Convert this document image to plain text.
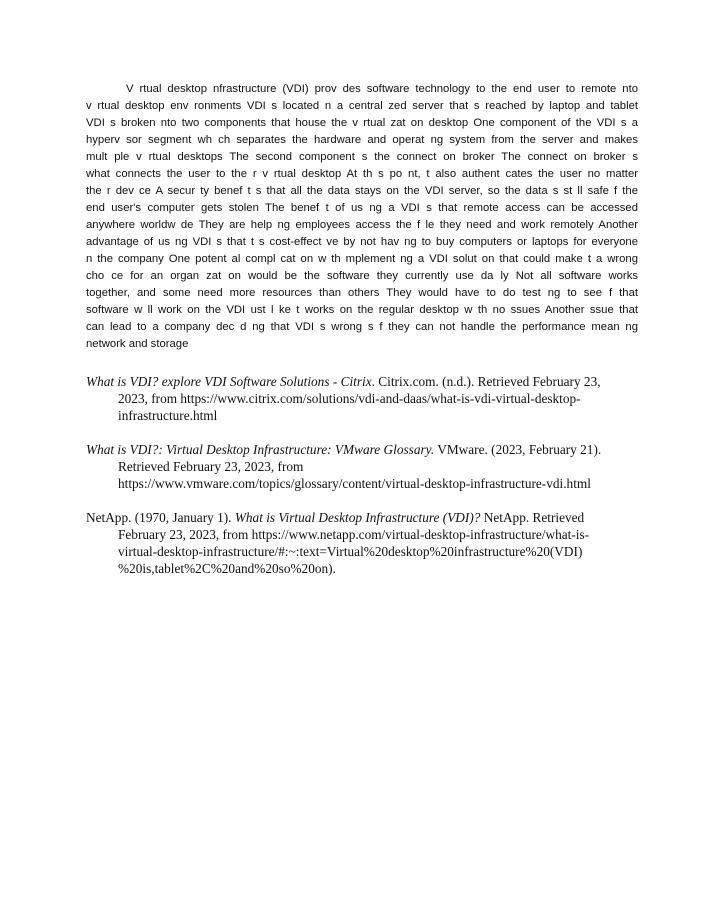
V rtual desktop nfrastructure (VDI) prov des software technology to the end user to remote nto
v rtual desktop env ronments VDI s located n a central zed server that s reached by laptop and tablet
VDI s broken nto two components that house the v rtual zat on desktop One component of the VDI s a
hyperv sor segment wh ch separates the hardware and operat ng system from the server and makes
mult ple v rtual desktops The second component s the connect on broker The connect on broker s
what connects the user to the r v rtual desktop At th s po nt, t also authent cates the user no matter
the r dev ce A secur ty benef t s that all the data stays on the VDI server, so the data s st ll safe f the
end user's computer gets stolen The benef t of us ng a VDI s that remote access can be accessed
anywhere worldw de They are help ng employees access the f le they need and work remotely Another
advantage of us ng VDI s that t s cost-effect ve by not hav ng to buy computers or laptops for everyone
n the company One potent al compl cat on w th mplement ng a VDI solut on that could make t a wrong
cho ce for an organ zat on would be the software they currently use da ly Not all software works
together, and some need more resources than others They would have to do test ng to see f that
software w ll work on the VDI ust l ke t works on the regular desktop w th no ssues Another ssue that
can lead to a company dec d ng that VDI s wrong s f they can not handle the performance mean ng
network and storage
What is VDI? explore VDI Software Solutions - Citrix. Citrix.com. (n.d.). Retrieved February 23,
2023, from https://www.citrix.com/solutions/vdi-and-daas/what-is-vdi-virtual-desktop-
infrastructure.html
What is VDI?: Virtual Desktop Infrastructure: VMware Glossary. VMware. (2023, February 21).
Retrieved February 23, 2023, from
https://www.vmware.com/topics/glossary/content/virtual-desktop-infrastructure-vdi.html
NetApp. (1970, January 1). What is Virtual Desktop Infrastructure (VDI)? NetApp. Retrieved
February 23, 2023, from https://www.netapp.com/virtual-desktop-infrastructure/what-is-
virtual-desktop-infrastructure/#:~:text=Virtual%20desktop%20infrastructure%20(VDI)
%20is,tablet%2C%20and%20so%20on).
